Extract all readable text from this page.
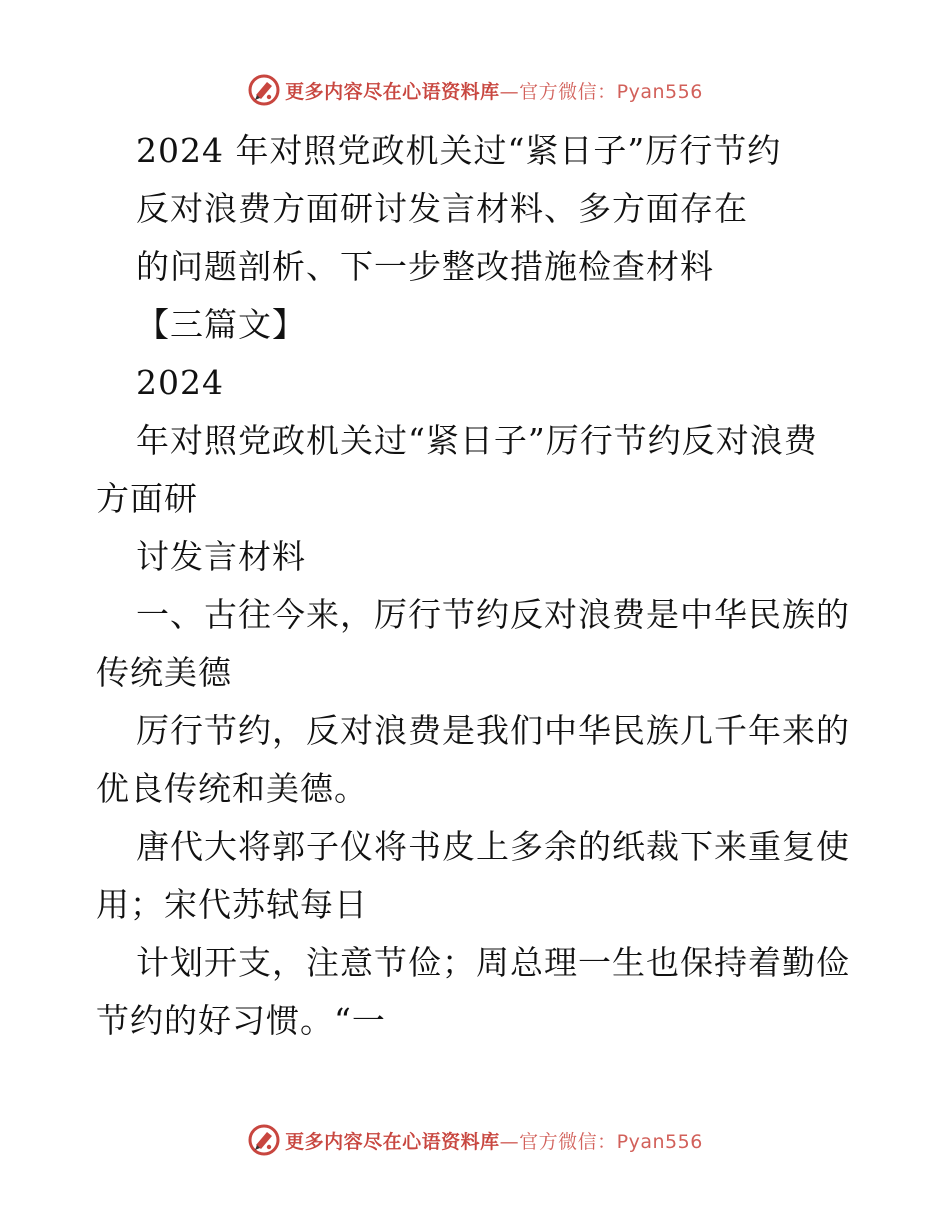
更多内容尽在心语资料库—官方微信：Pyan556
2024 年对照党政机关过“紧日子”厉行节约
反对浪费方面研讨发言材料、多方面存在
的问题剖析、下一步整改措施检查材料
【三篇文】
2024
年对照党政机关过“紧日子”厉行节约反对浪费
方面研
讨发言材料
一、古往今来，厉行节约反对浪费是中华民族的
传统美德
厉行节约，反对浪费是我们中华民族几千年来的
优良传统和美德。
唐代大将郭子仪将书皮上多余的纸裁下来重复使
用；宋代苏轼每日
计划开支，注意节俭；周总理一生也保持着勤俭
节约的好习惯。“一
更多内容尽在心语资料库—官方微信：Pyan556
